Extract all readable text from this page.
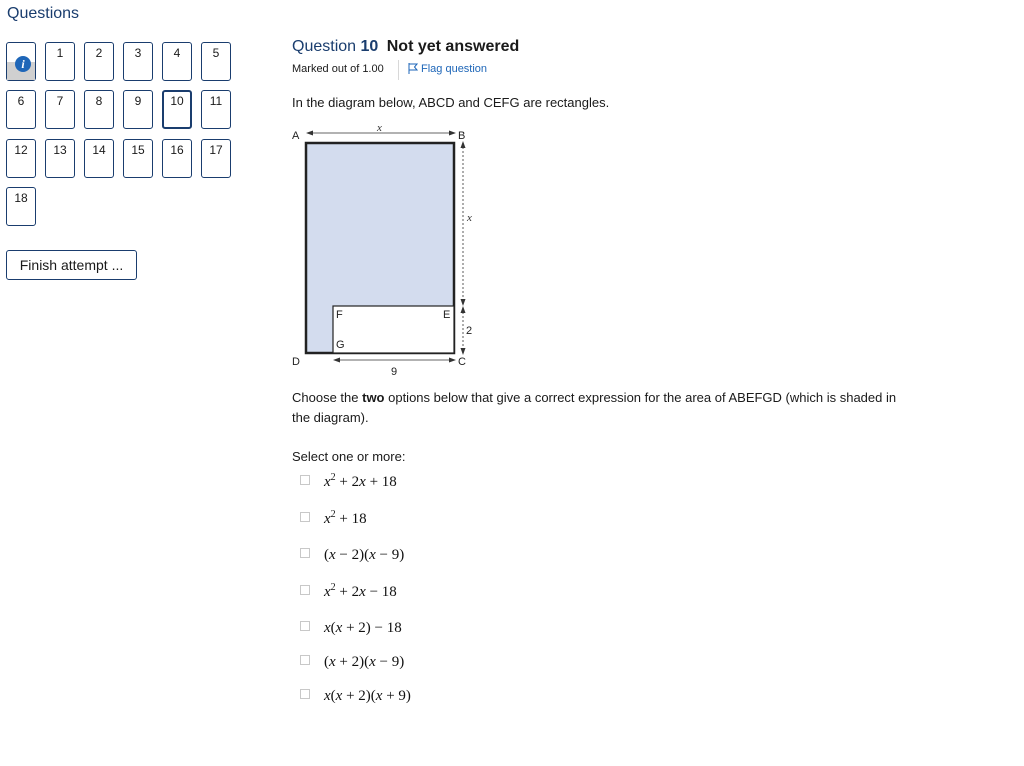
Questions
1	2	3	4	5
6	7	8	9	10	11
12	13	14	15	16	17
18
i
Finish attempt ...
Question 10 Not yet answered
Marked out of 1.00	Flag question
In the diagram below, ABCD and CEFG are rectangles.
A	B
C
D
E
F
G
x
x
2
9
Choose the two options below that give a correct expression for the area of ABEFGD (which is shaded in the diagram).
Select one or more:
$x^2 + 2x + 18$
$x^2 + 18$
(x − 2)(x − 9)
$x^2 + 2x - 18$
x(x + 2) − 18
(x + 2)(x − 9)
x(x + 2)(x + 9)
